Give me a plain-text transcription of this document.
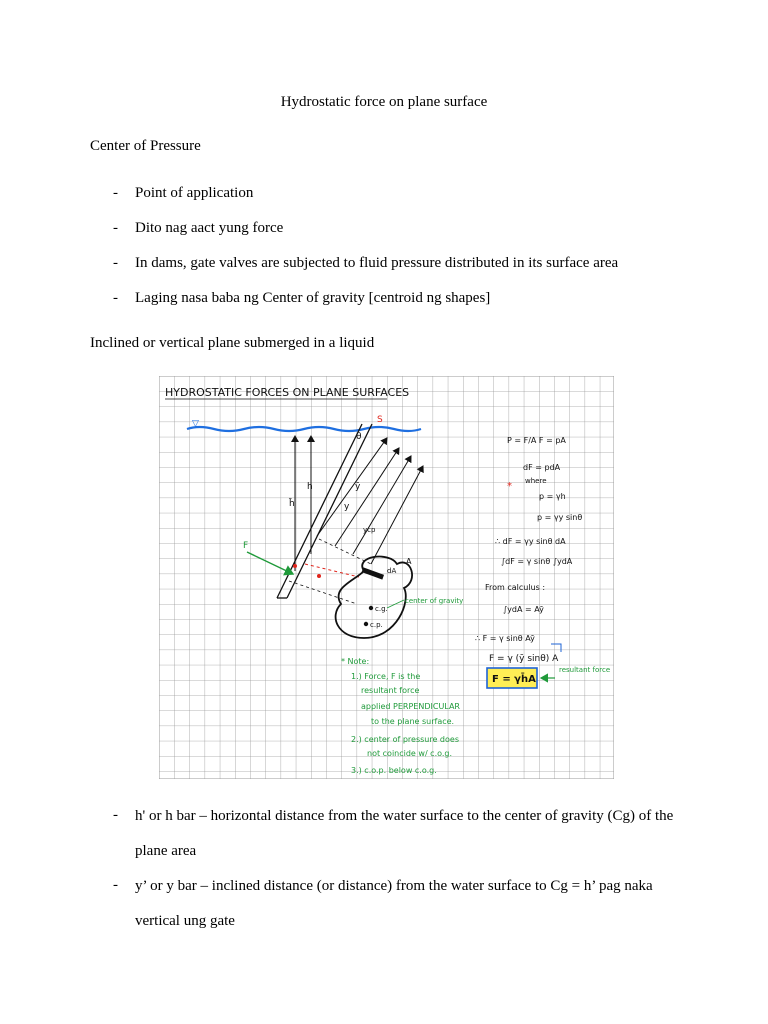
Hydrostatic force on plane surface
Center of Pressure
- Point of application
- Dito nag aact yung force
- In dams, gate valves are subjected to fluid pressure distributed in its surface area
- Laging nasa baba ng Center of gravity [centroid ng shapes]
Inclined or vertical plane submerged in a liquid
HYDROSTATIC FORCES ON PLANE SURFACES
▽	S
θ
h
h̄	y
ȳ
ycp
dA
A
c.g.
c.p.
center of gravity
F
P = F/A F = pA
dF = pdA
where
*
p = γh
p = γy sinθ
∴ dF = γy sinθ dA
∫dF = γ sinθ ∫ydA
From calculus :
∫ydA = Aȳ
∴ F = γ sinθ Aȳ
F = γ (ȳ sinθ) A
F = γh̄A
resultant force
* Note:
1.) Force, F is the
resultant force
applied PERPENDICULAR
to the plane surface.
2.) center of pressure does
not coincide w/ c.o.g.
3.) c.o.p. below c.o.g.
- h' or h bar – horizontal distance from the water surface to the center of gravity (Cg) of the plane area
- y’ or y bar – inclined distance (or distance) from the water surface to Cg = h’ pag naka vertical ung gate
